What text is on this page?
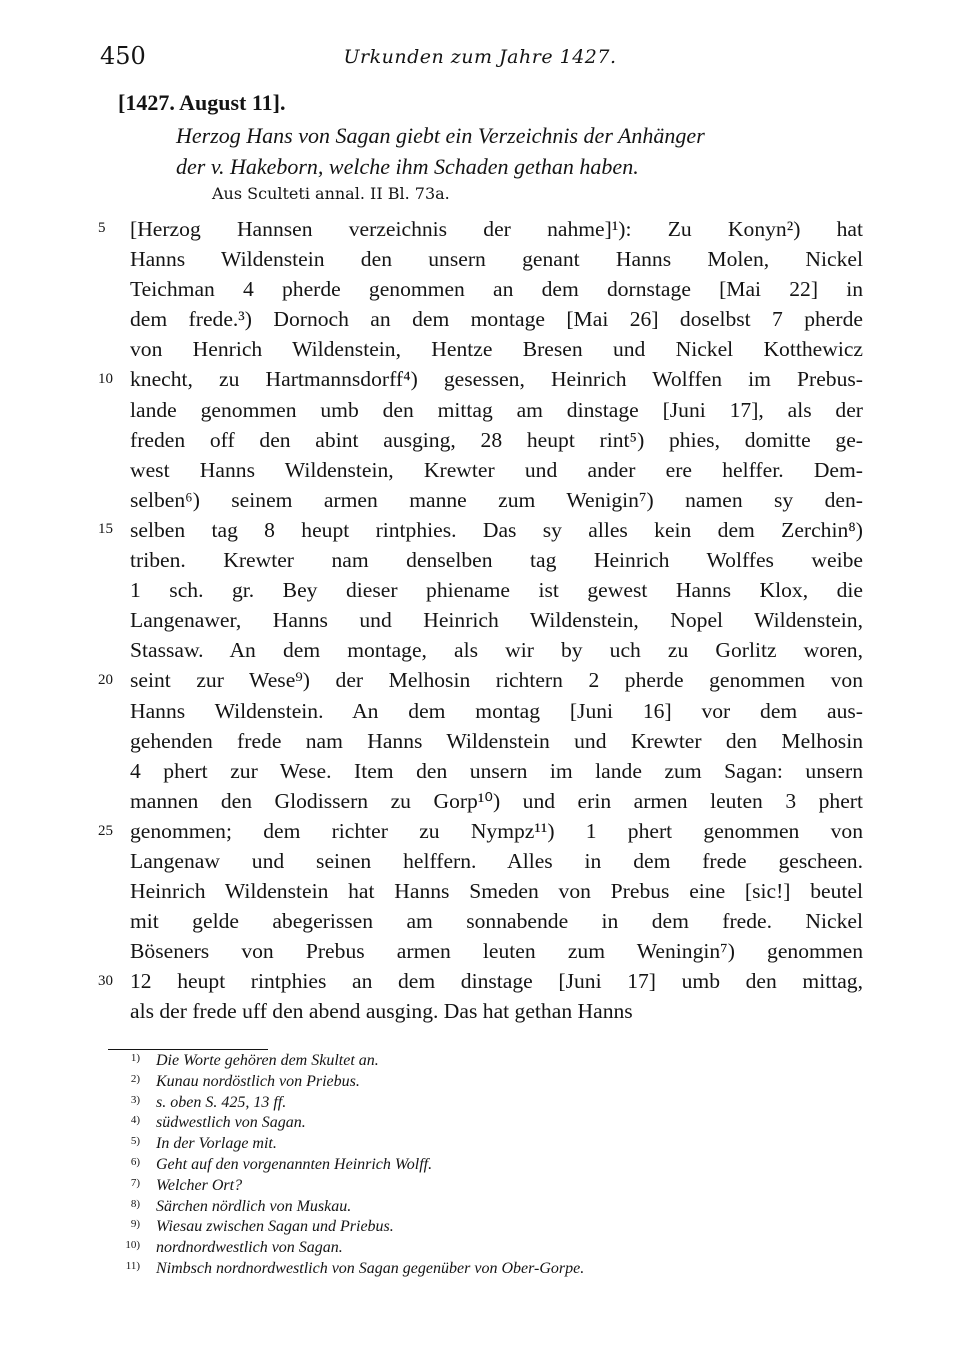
450	Urkunden zum Jahre 1427.
[1427. August 11].
Herzog Hans von Sagan giebt ein Verzeichnis der Anhänger
der v. Hakeborn, welche ihm Schaden gethan haben.
Aus Sculteti annal. II Bl. 73a.
5
10
15
20
25
30
[Herzog Hannsen verzeichnis der nahme]¹): Zu Konyn²) hat
Hanns Wildenstein den unsern genant Hanns Molen, Nickel
Teichman 4 pherde genommen an dem dornstage [Mai 22] in
dem frede.³) Dornoch an dem montage [Mai 26] doselbst 7 pherde
von Henrich Wildenstein, Hentze Bresen und Nickel Kotthewicz
knecht, zu Hartmannsdorff⁴) gesessen, Heinrich Wolffen im Prebus-
lande genommen umb den mittag am dinstage [Juni 17], als der
freden off den abint ausging, 28 heupt rint⁵) phies, domitte ge-
west Hanns Wildenstein, Krewter und ander ere helffer. Dem-
selben⁶) seinem armen manne zum Wenigin⁷) namen sy den-
selben tag 8 heupt rintphies. Das sy alles kein dem Zerchin⁸)
triben. Krewter nam denselben tag Heinrich Wolffes weibe
1 sch. gr. Bey dieser phiename ist gewest Hanns Klox, die
Langenawer, Hanns und Heinrich Wildenstein, Nopel Wildenstein,
Stassaw. An dem montage, als wir by uch zu Gorlitz woren,
seint zur Wese⁹) der Melhosin richtern 2 pherde genommen von
Hanns Wildenstein. An dem montag [Juni 16] vor dem aus-
gehenden frede nam Hanns Wildenstein und Krewter den Melhosin
4 phert zur Wese. Item den unsern im lande zum Sagan: unsern
mannen den Glodissern zu Gorp¹⁰) und erin armen leuten 3 phert
genommen; dem richter zu Nympz¹¹) 1 phert genommen von
Langenaw und seinen helffern. Alles in dem frede gescheen.
Heinrich Wildenstein hat Hanns Smeden von Prebus eine [sic!] beutel
mit gelde abegerissen am sonnabende in dem frede. Nickel
Böseners von Prebus armen leuten zum Weningin⁷) genommen
12 heupt rintphies an dem dinstage [Juni 17] umb den mittag,
als der frede uff den abend ausging. Das hat gethan Hanns
1) Die Worte gehören dem Skultet an.
2) Kunau nordöstlich von Priebus.
3) s. oben S. 425, 13 ff.
4) südwestlich von Sagan.
5) In der Vorlage mit.
6) Geht auf den vorgenannten Heinrich Wolff.
7) Welcher Ort?
8) Särchen nördlich von Muskau.
9) Wiesau zwischen Sagan und Priebus.
10) nordnordwestlich von Sagan.
11) Nimbsch nordnordwestlich von Sagan gegenüber von Ober-Gorpe.
